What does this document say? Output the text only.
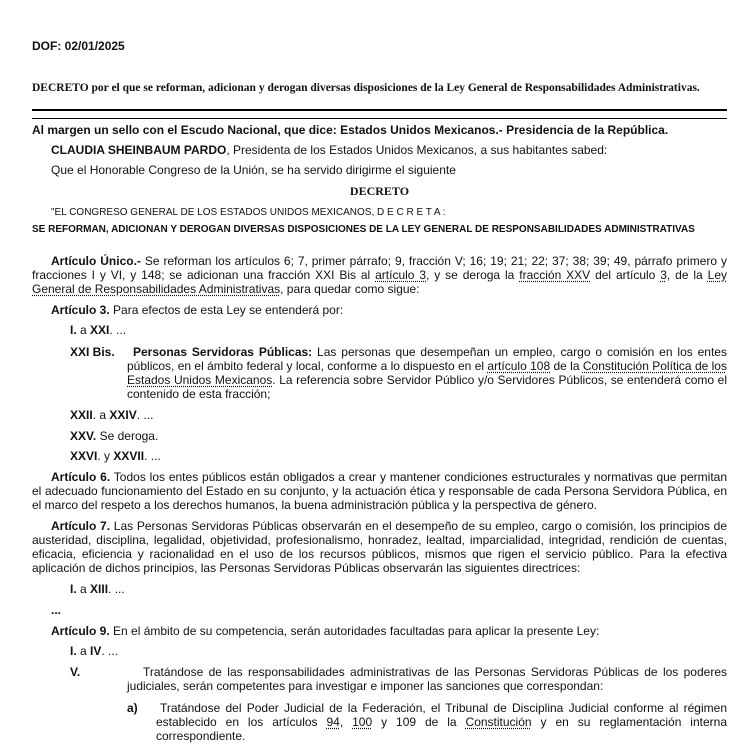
DOF: 02/01/2025
DECRETO por el que se reforman, adicionan y derogan diversas disposiciones de la Ley General de Responsabilidades Administrativas.
Al margen un sello con el Escudo Nacional, que dice: Estados Unidos Mexicanos.- Presidencia de la República.
CLAUDIA SHEINBAUM PARDO, Presidenta de los Estados Unidos Mexicanos, a sus habitantes sabed:
Que el Honorable Congreso de la Unión, se ha servido dirigirme el siguiente
DECRETO
"EL CONGRESO GENERAL DE LOS ESTADOS UNIDOS MEXICANOS, D E C R E T A :
SE REFORMAN, ADICIONAN Y DEROGAN DIVERSAS DISPOSICIONES DE LA LEY GENERAL DE RESPONSABILIDADES ADMINISTRATIVAS
Artículo Único.- Se reforman los artículos 6; 7, primer párrafo; 9, fracción V; 16; 19; 21; 22; 37; 38; 39; 49, párrafo primero y fracciones I y VI, y 148; se adicionan una fracción XXI Bis al artículo 3, y se deroga la fracción XXV del artículo 3, de la Ley General de Responsabilidades Administrativas, para quedar como sigue:
Artículo 3. Para efectos de esta Ley se entenderá por:
I. a XXI. ...
XXI Bis.	Personas Servidoras Públicas: Las personas que desempeñan un empleo, cargo o comisión en los entes públicos, en el ámbito federal y local, conforme a lo dispuesto en el artículo 108 de la Constitución Política de los Estados Unidos Mexicanos. La referencia sobre Servidor Público y/o Servidores Públicos, se entenderá como el contenido de esta fracción;
XXII. a XXIV. ...
XXV. Se deroga.
XXVI. y XXVII. ...
Artículo 6. Todos los entes públicos están obligados a crear y mantener condiciones estructurales y normativas que permitan el adecuado funcionamiento del Estado en su conjunto, y la actuación ética y responsable de cada Persona Servidora Pública, en el marco del respeto a los derechos humanos, la buena administración pública y la perspectiva de género.
Artículo 7. Las Personas Servidoras Públicas observarán en el desempeño de su empleo, cargo o comisión, los principios de austeridad, disciplina, legalidad, objetividad, profesionalismo, honradez, lealtad, imparcialidad, integridad, rendición de cuentas, eficacia, eficiencia y racionalidad en el uso de los recursos públicos, mismos que rigen el servicio público. Para la efectiva aplicación de dichos principios, las Personas Servidoras Públicas observarán las siguientes directrices:
I. a XIII. ...
...
Artículo 9. En el ámbito de su competencia, serán autoridades facultadas para aplicar la presente Ley:
I. a IV. ...
V.	Tratándose de las responsabilidades administrativas de las Personas Servidoras Públicas de los poderes judiciales, serán competentes para investigar e imponer las sanciones que correspondan:
a)	Tratándose del Poder Judicial de la Federación, el Tribunal de Disciplina Judicial conforme al régimen establecido en los artículos 94, 100 y 109 de la Constitución y en su reglamentación interna correspondiente.
